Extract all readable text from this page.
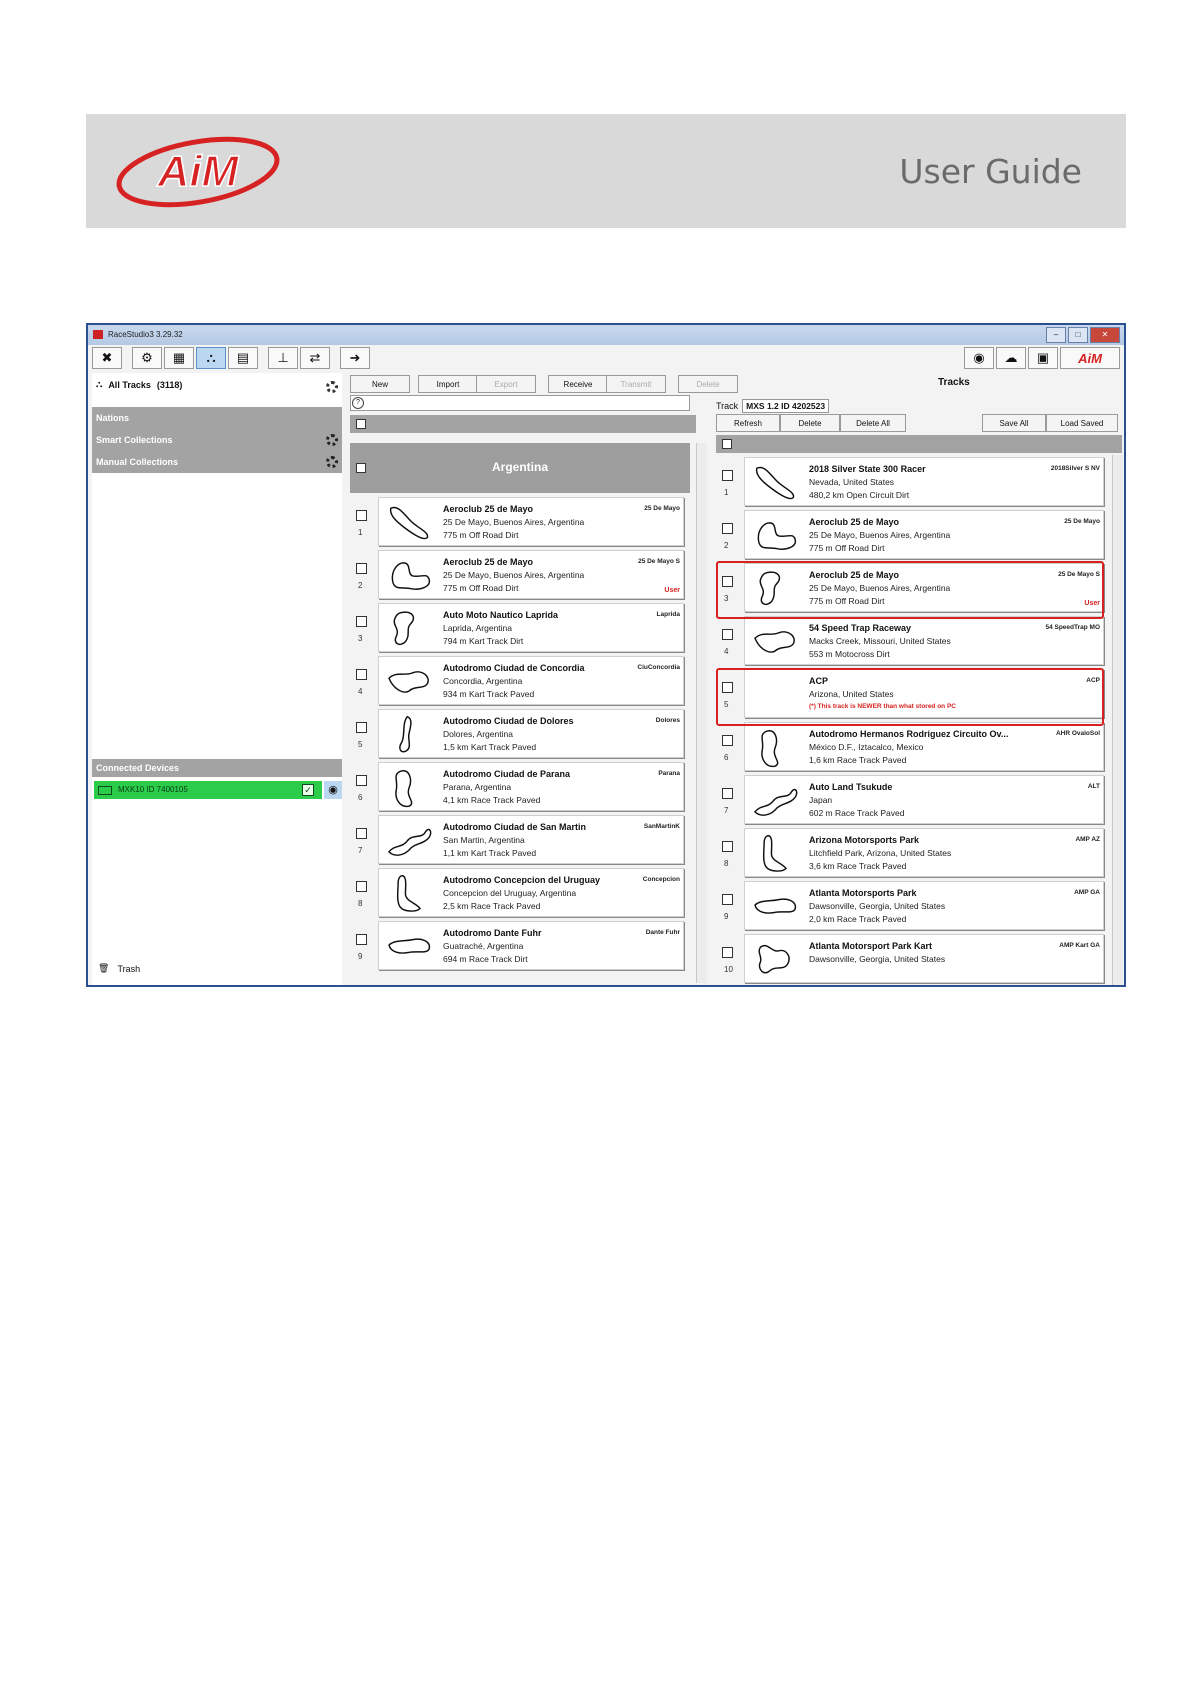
AiM	User Guide
RaceStudio3 3.29.32	–	□	✕
✖	⚙	▦	⛬	▤	⊥	⇄	➜	◉	☁	▣	AiM
⛬ All Tracks (3118)
Nations
Smart Collections
Manual Collections
Connected Devices
MXK10 ID 7400105	✓	◉
🗑 Trash
New	Import	Export	Receive	Transmit	Delete
?
Argentina
1
Aeroclub 25 de Mayo
25 De Mayo, Buenos Aires, Argentina
775 m Off Road Dirt
25 De Mayo
2
Aeroclub 25 de Mayo
25 De Mayo, Buenos Aires, Argentina
775 m Off Road Dirt
25 De Mayo S
User
3
Auto Moto Nautico Laprida
Laprida, Argentina
794 m Kart Track Dirt
Laprida
4
Autodromo Ciudad de Concordia
Concordia, Argentina
934 m Kart Track Paved
CiuConcordia
5
Autodromo Ciudad de Dolores
Dolores, Argentina
1,5 km Kart Track Paved
Dolores
6
Autodromo Ciudad de Parana
Parana, Argentina
4,1 km Race Track Paved
Parana
7
Autodromo Ciudad de San Martin
San Martin, Argentina
1,1 km Kart Track Paved
SanMartinK
8
Autodromo Concepcion del Uruguay
Concepcion del Uruguay, Argentina
2,5 km Race Track Paved
Concepcion
9
Autodromo Dante Fuhr
Guatraché, Argentina
694 m Race Track Dirt
Dante Fuhr
Tracks
Track MXS 1.2 ID 4202523
Refresh	Delete	Delete All	Save All	Load Saved
1
2018 Silver State 300 Racer
Nevada, United States
480,2 km Open Circuit Dirt
2018Silver S NV
2
Aeroclub 25 de Mayo
25 De Mayo, Buenos Aires, Argentina
775 m Off Road Dirt
25 De Mayo
3
Aeroclub 25 de Mayo
25 De Mayo, Buenos Aires, Argentina
775 m Off Road Dirt
25 De Mayo S
User
4
54 Speed Trap Raceway
Macks Creek, Missouri, United States
553 m Motocross Dirt
54 SpeedTrap MO
5
ACP
Arizona, United States
ACP
(*) This track is NEWER than what stored on PC
6
Autodromo Hermanos Rodriguez Circuito Ov...
México D.F., Iztacalco, Mexico
1,6 km Race Track Paved
AHR OvaloSol
7
Auto Land Tsukude
Japan
602 m Race Track Paved
ALT
8
Arizona Motorsports Park
Litchfield Park, Arizona, United States
3,6 km Race Track Paved
AMP AZ
9
Atlanta Motorsports Park
Dawsonville, Georgia, United States
2,0 km Race Track Paved
AMP GA
10
Atlanta Motorsport Park Kart
Dawsonville, Georgia, United States
AMP Kart GA
